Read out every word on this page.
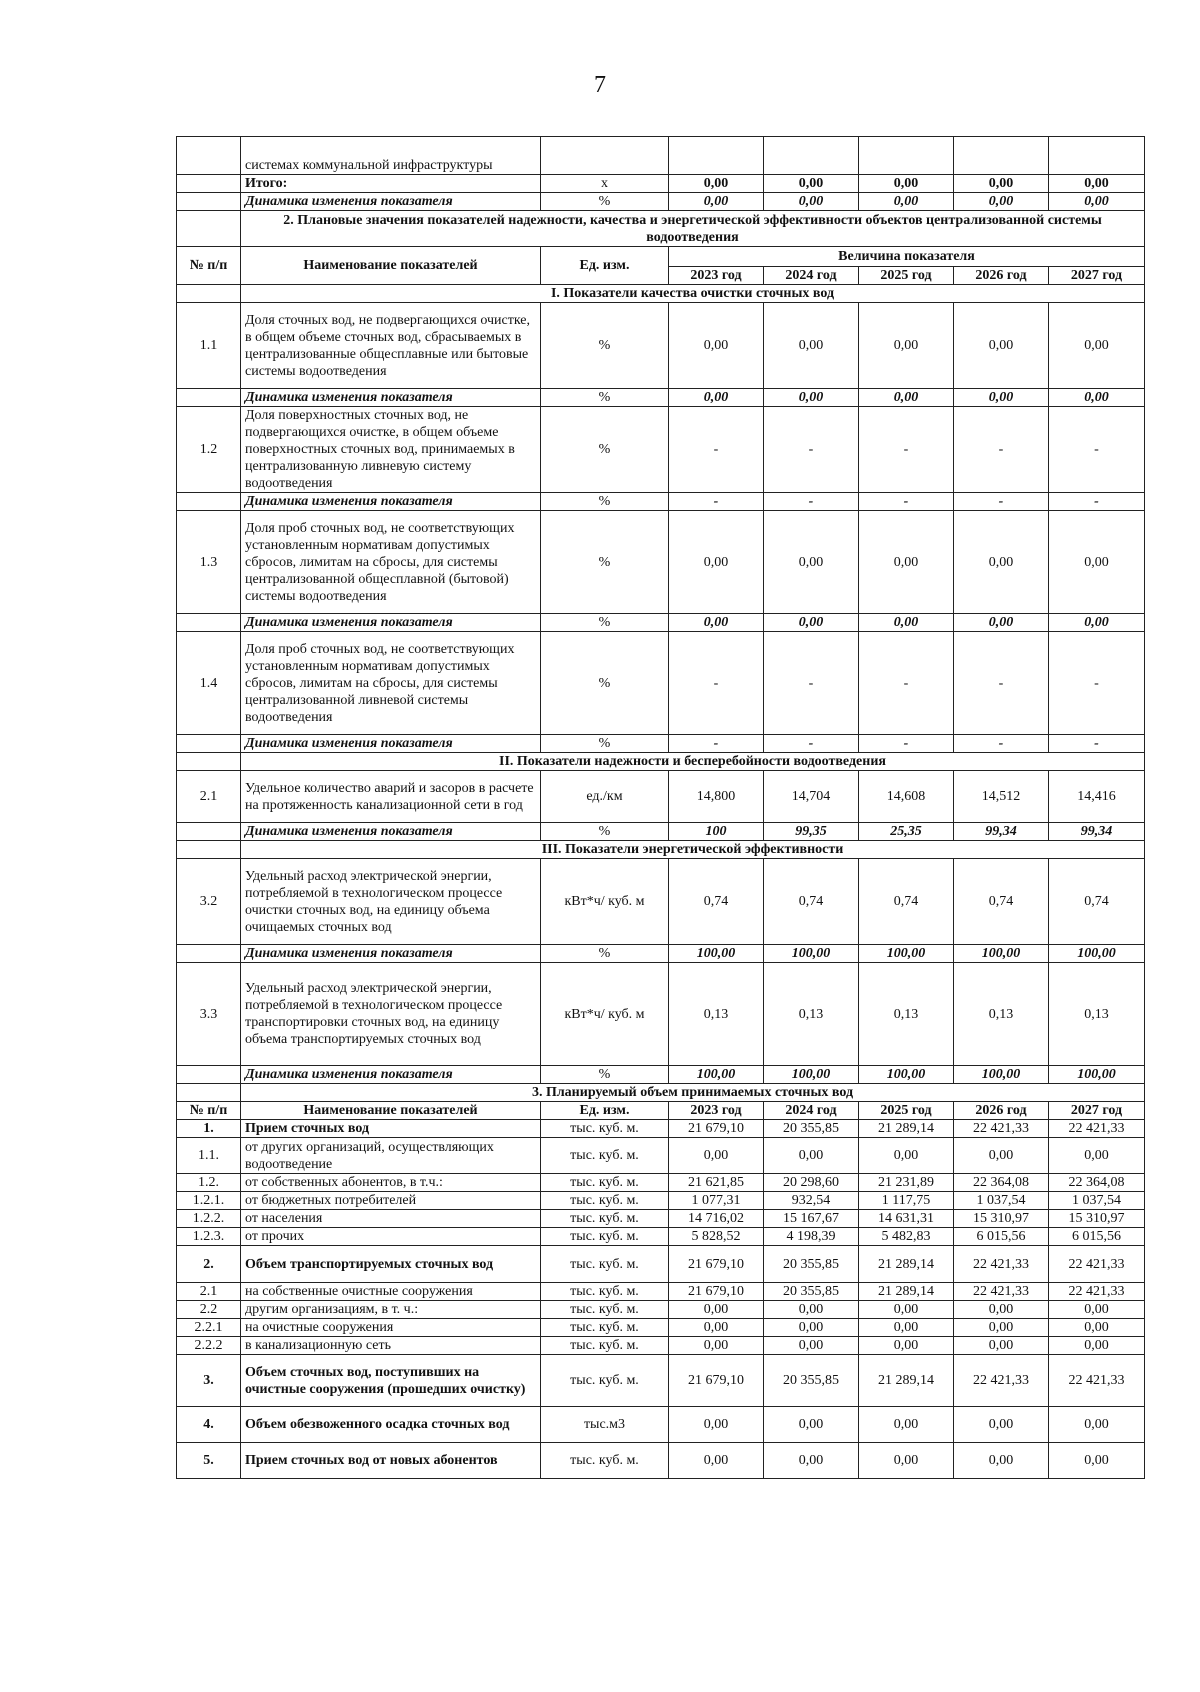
7
	системах коммунальной инфраструктуры						
	Итого:	x	0,00	0,00	0,00	0,00	0,00
	Динамика изменения показателя	%	0,00	0,00	0,00	0,00	0,00
	2. Плановые значения показателей надежности, качества и энергетической эффективности объектов централизованной системы водоотведения						
№ п/п	Наименование показателей	Ед. изм.	Величина показателя				
			2023 год	2024 год	2025 год	2026 год	2027 год
	I. Показатели качества очистки сточных вод						
1.1	Доля сточных вод, не подвергающихся очистке, в общем объеме сточных вод, сбрасываемых в централизованные общесплавные или бытовые системы водоотведения	%	0,00	0,00	0,00	0,00	0,00
	Динамика изменения показателя	%	0,00	0,00	0,00	0,00	0,00
1.2	Доля поверхностных сточных вод, не подвергающихся очистке, в общем объеме поверхностных сточных вод, принимаемых в централизованную ливневую систему водоотведения	%	-	-	-	-	-
	Динамика изменения показателя	%	-	-	-	-	-
1.3	Доля проб сточных вод, не соответствующих установленным нормативам допустимых сбросов, лимитам на сбросы, для системы централизованной общесплавной (бытовой) системы водоотведения	%	0,00	0,00	0,00	0,00	0,00
	Динамика изменения показателя	%	0,00	0,00	0,00	0,00	0,00
1.4	Доля проб сточных вод, не соответствующих установленным нормативам допустимых сбросов, лимитам на сбросы, для системы централизованной ливневой системы водоотведения	%	-	-	-	-	-
	Динамика изменения показателя	%	-	-	-	-	-
	II. Показатели надежности и бесперебойности водоотведения						
2.1	Удельное количество аварий и засоров в расчете на протяженность канализационной сети в год	ед./км	14,800	14,704	14,608	14,512	14,416
	Динамика изменения показателя	%	100	99,35	25,35	99,34	99,34
	III. Показатели энергетической эффективности						
3.2	Удельный расход электрической энергии, потребляемой в технологическом процессе очистки сточных вод, на единицу объема очищаемых сточных вод	кВт*ч/ куб. м	0,74	0,74	0,74	0,74	0,74
	Динамика изменения показателя	%	100,00	100,00	100,00	100,00	100,00
3.3	Удельный расход электрической энергии, потребляемой в технологическом процессе транспортировки сточных вод, на единицу объема транспортируемых сточных вод	кВт*ч/ куб. м	0,13	0,13	0,13	0,13	0,13
	Динамика изменения показателя	%	100,00	100,00	100,00	100,00	100,00
	3. Планируемый объем принимаемых сточных вод						
№ п/п	Наименование показателей	Ед. изм.	2023 год	2024 год	2025 год	2026 год	2027 год
1.	Прием сточных вод	тыс. куб. м.	21 679,10	20 355,85	21 289,14	22 421,33	22 421,33
1.1.	от других организаций, осуществляющих водоотведение	тыс. куб. м.	0,00	0,00	0,00	0,00	0,00
1.2.	от собственных абонентов, в т.ч.:	тыс. куб. м.	21 621,85	20 298,60	21 231,89	22 364,08	22 364,08
1.2.1.	от бюджетных потребителей	тыс. куб. м.	1 077,31	932,54	1 117,75	1 037,54	1 037,54
1.2.2.	от населения	тыс. куб. м.	14 716,02	15 167,67	14 631,31	15 310,97	15 310,97
1.2.3.	от прочих	тыс. куб. м.	5 828,52	4 198,39	5 482,83	6 015,56	6 015,56
2.	Объем транспортируемых сточных вод	тыс. куб. м.	21 679,10	20 355,85	21 289,14	22 421,33	22 421,33
2.1	на собственные очистные сооружения	тыс. куб. м.	21 679,10	20 355,85	21 289,14	22 421,33	22 421,33
2.2	другим организациям, в т. ч.:	тыс. куб. м.	0,00	0,00	0,00	0,00	0,00
2.2.1	на очистные сооружения	тыс. куб. м.	0,00	0,00	0,00	0,00	0,00
2.2.2	в канализационную сеть	тыс. куб. м.	0,00	0,00	0,00	0,00	0,00
3.	Объем сточных вод, поступивших на очистные сооружения (прошедших очистку)	тыс. куб. м.	21 679,10	20 355,85	21 289,14	22 421,33	22 421,33
4.	Объем обезвоженного осадка сточных вод	тыс.м3	0,00	0,00	0,00	0,00	0,00
5.	Прием сточных вод от новых абонентов	тыс. куб. м.	0,00	0,00	0,00	0,00	0,00
